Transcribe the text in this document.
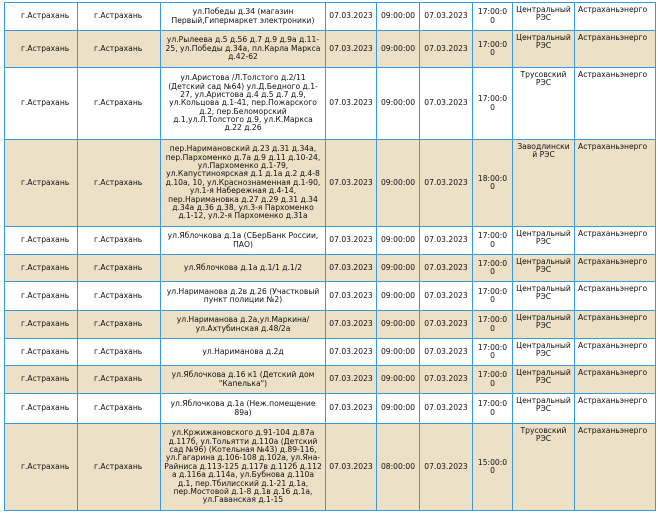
г.Астрахань	г.Астрахань	ул.Победы д.34 (магазин Первый,Гипермаркет электроники)	07.03.2023	09:00:00	07.03.2023	17:00:00	Центральный РЭС	Астраханьэнерго
г.Астрахань	г.Астрахань	ул.Рылеева д.5 д.56 д.7 д.9 д.9а д.11-25, ул.Победы д.34а, пл.Карла Маркса д.42-62	07.03.2023	09:00:00	07.03.2023	17:00:00	Центральный РЭС	Астраханьэнерго
г.Астрахань	г.Астрахань	ул.Аристова /Л.Толстого д.2/11 (Детский сад №64) ул.Д.Бедного д.1-27, ул.Аристова д.4 д.5 д.7 д.9, ул.Кольцова д.1-41, пер.Пожарского д.2, пер.Беломорский д.1,ул.Л.Толстого д.9, ул.К.Маркса д.22 д.26	07.03.2023	09:00:00	07.03.2023	17:00:00	Трусовский РЭС	Астраханьэнерго
г.Астрахань	г.Астрахань	пер.Наримановский д.23 д.31 д.34а, пер.Пархоменко д.7а д.9 д.11 д.10-24, ул.Пархоменко д.1-79, ул.Капустиноярская д.1 д.1а д.2 д.4-8 д.10а, 10, ул.Краснознаменная д.1-90, ул.1-я Набережная д.4-14, пер.Наримановка д.27 д.29 д.31 д.34 д.34а д.36 д.38, ул.3-я Пархоменко д.1-12, ул.2-я Пархоменко д.31а	07.03.2023	09:00:00	07.03.2023	18:00:00	Заводлинский РЭС	Астраханьэнерго
г.Астрахань	г.Астрахань	ул.Яблочкова д.1а (СБерБанк России, ПАО)	07.03.2023	09:00:00	07.03.2023	17:00:00	Центральный РЭС	Астраханьэнерго
г.Астрахань	г.Астрахань	ул.Яблочкова д.1а д.1/1 д.1/2	07.03.2023	09:00:00	07.03.2023	17:00:00	Центральный РЭС	Астраханьэнерго
г.Астрахань	г.Астрахань	ул.Нариманова д.2в д.26 (Участковый пункт полиции №2)	07.03.2023	09:00:00	07.03.2023	17:00:00	Центральный РЭС	Астраханьэнерго
г.Астрахань	г.Астрахань	ул.Нариманова д.2а,ул.Маркина/ ул.Ахтубинская д.48/2а	07.03.2023	09:00:00	07.03.2023	17:00:00	Центральный РЭС	Астраханьэнерго
г.Астрахань	г.Астрахань	ул.Нариманова д.2д	07.03.2023	09:00:00	07.03.2023	17:00:00	Центральный РЭС	Астраханьэнерго
г.Астрахань	г.Астрахань	ул.Яблочкова д.16 к1 (Детский дом "Капелька")	07.03.2023	09:00:00	07.03.2023	17:00:00	Центральный РЭС	Астраханьэнерго
г.Астрахань	г.Астрахань	ул.Яблочкова д.1а (Неж.помещение 89а)	07.03.2023	09:00:00	07.03.2023	17:00:00	Центральный РЭС	Астраханьэнерго
г.Астрахань	г.Астрахань	ул.Кржижановского д.91-104 д.87а д.117б, ул.Тольятти д.110а (Детский сад №96) (Котельная №43) д.89-116, ул.Гагарина д.106-108 д.102а, ул.Яна-Райниса д.113-125 д.117в д.112б д.112 а д.116а д.114а, ул.Бубнова д.110а д.1, пер.Тбилисский д.1-21 д.1а, пер.Мостовой д.1-8 д.1в д.16 д.1а, ул.Гаванская д.1-15	07.03.2023	08:00:00	07.03.2023	15:00:00	Трусовский РЭС	Астраханьэнерго
